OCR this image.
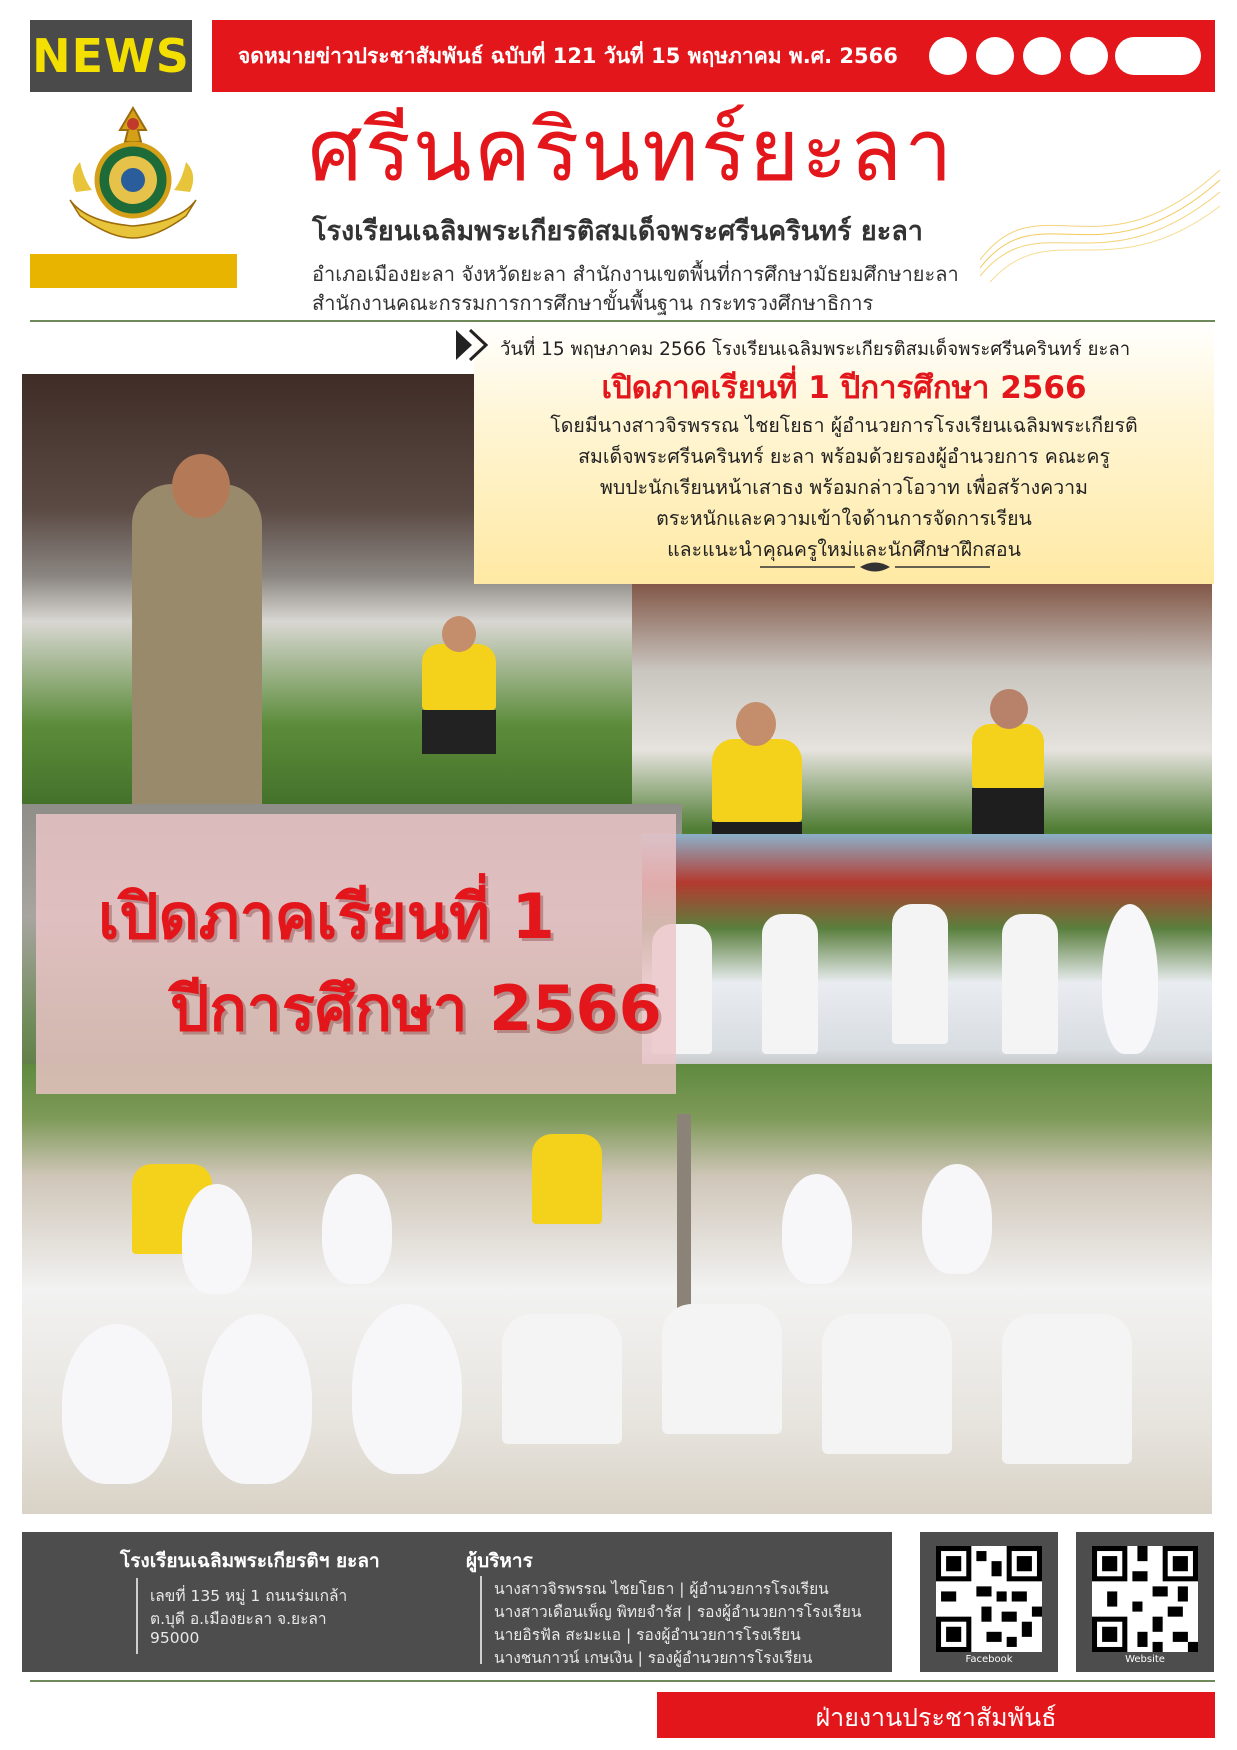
NEWS จดหมายข่าวประชาสัมพันธ์ ฉบับที่ 121 วันที่ 15 พฤษภาคม พ.ศ. 2566
ศรีนครินทร์ยะลา
โรงเรียนเฉลิมพระเกียรติสมเด็จพระศรีนครินทร์ ยะลา
อำเภอเมืองยะลา จังหวัดยะลา สำนักงานเขตพื้นที่การศึกษามัธยมศึกษายะลา
สำนักงานคณะกรรมการการศึกษาขั้นพื้นฐาน กระทรวงศึกษาธิการ
วันที่ 15 พฤษภาคม 2566 โรงเรียนเฉลิมพระเกียรติสมเด็จพระศรีนครินทร์ ยะลา
เปิดภาคเรียนที่ 1 ปีการศึกษา 2566
โดยมีนางสาวจิรพรรณ ไชยโยธา ผู้อำนวยการโรงเรียนเฉลิมพระเกียรติ
สมเด็จพระศรีนครินทร์ ยะลา พร้อมด้วยรองผู้อำนวยการ คณะครู
พบปะนักเรียนหน้าเสาธง พร้อมกล่าวโอวาท เพื่อสร้างความ
ตระหนักและความเข้าใจด้านการจัดการเรียน
และแนะนำคุณครูใหม่และนักศึกษาฝึกสอน
เปิดภาคเรียนที่ 1
ปีการศึกษา 2566
โรงเรียนเฉลิมพระเกียรติฯ ยะลา
เลขที่ 135 หมู่ 1 ถนนร่มเกล้า
ต.บุดี อ.เมืองยะลา จ.ยะลา
95000
ผู้บริหาร
นางสาวจิรพรรณ ไชยโยธา | ผู้อำนวยการโรงเรียน
นางสาวเดือนเพ็ญ พิทยจำรัส | รองผู้อำนวยการโรงเรียน
นายอิรฟัล สะมะแอ | รองผู้อำนวยการโรงเรียน
นางชนกาวน์ เกษเงิน | รองผู้อำนวยการโรงเรียน	Facebook	Website
ฝ่ายงานประชาสัมพันธ์
